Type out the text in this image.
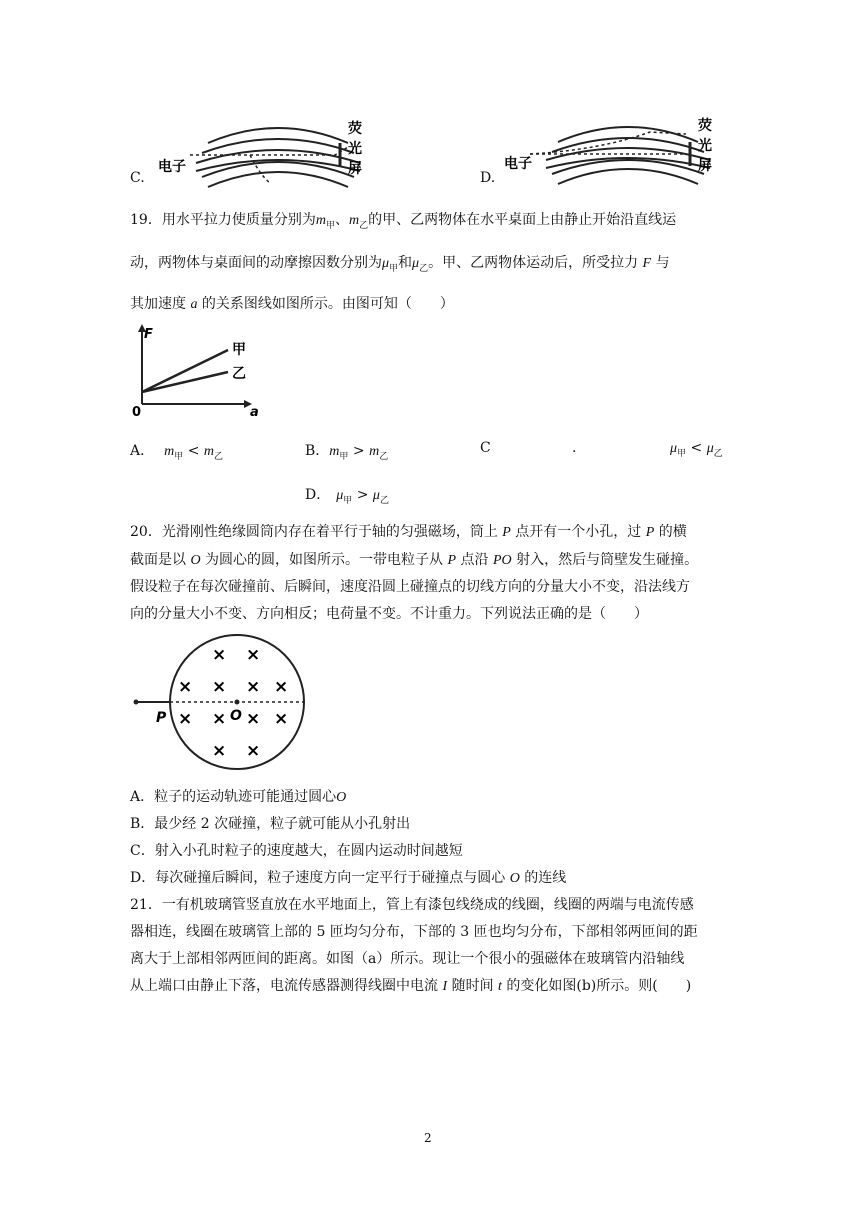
C.
电子
荧
光
屏
D.
电子
荧
光
屏
19．用水平拉力使质量分别为$m_甲$、$m_乙$的甲、乙两物体在水平桌面上由静止开始沿直线运
动，两物体与桌面间的动摩擦因数分别为$\mu_甲$和$\mu_乙$。甲、乙两物体运动后，所受拉力 F 与
其加速度 a 的关系图线如图所示。由图可知（　　）
F
0	a
甲
乙
A． $m_甲 < m_乙$	B．$m_甲 > m_乙$
C	.	$\mu_甲 < \mu_乙$
D． $\mu_甲 > \mu_乙$
20．光滑刚性绝缘圆筒内存在着平行于轴的匀强磁场，筒上 P 点开有一个小孔，过 P 的横
截面是以 O 为圆心的圆，如图所示。一带电粒子从 P 点沿 PO 射入，然后与筒壁发生碰撞。
假设粒子在每次碰撞前、后瞬间，速度沿圆上碰撞点的切线方向的分量大小不变，沿法线方
向的分量大小不变、方向相反；电荷量不变。不计重力。下列说法正确的是（　　）
P	O
× ×
× × × ×
× × × ×
× ×
A．粒子的运动轨迹可能通过圆心O
B．最少经 2 次碰撞，粒子就可能从小孔射出
C．射入小孔时粒子的速度越大，在圆内运动时间越短
D．每次碰撞后瞬间，粒子速度方向一定平行于碰撞点与圆心 O 的连线
21．一有机玻璃管竖直放在水平地面上，管上有漆包线绕成的线圈，线圈的两端与电流传感
器相连，线圈在玻璃管上部的 5 匝均匀分布，下部的 3 匝也均匀分布，下部相邻两匝间的距
离大于上部相邻两匝间的距离。如图（a）所示。现让一个很小的强磁体在玻璃管内沿轴线
从上端口由静止下落，电流传感器测得线圈中电流 I 随时间 t 的变化如图(b)所示。则(　　)
2
